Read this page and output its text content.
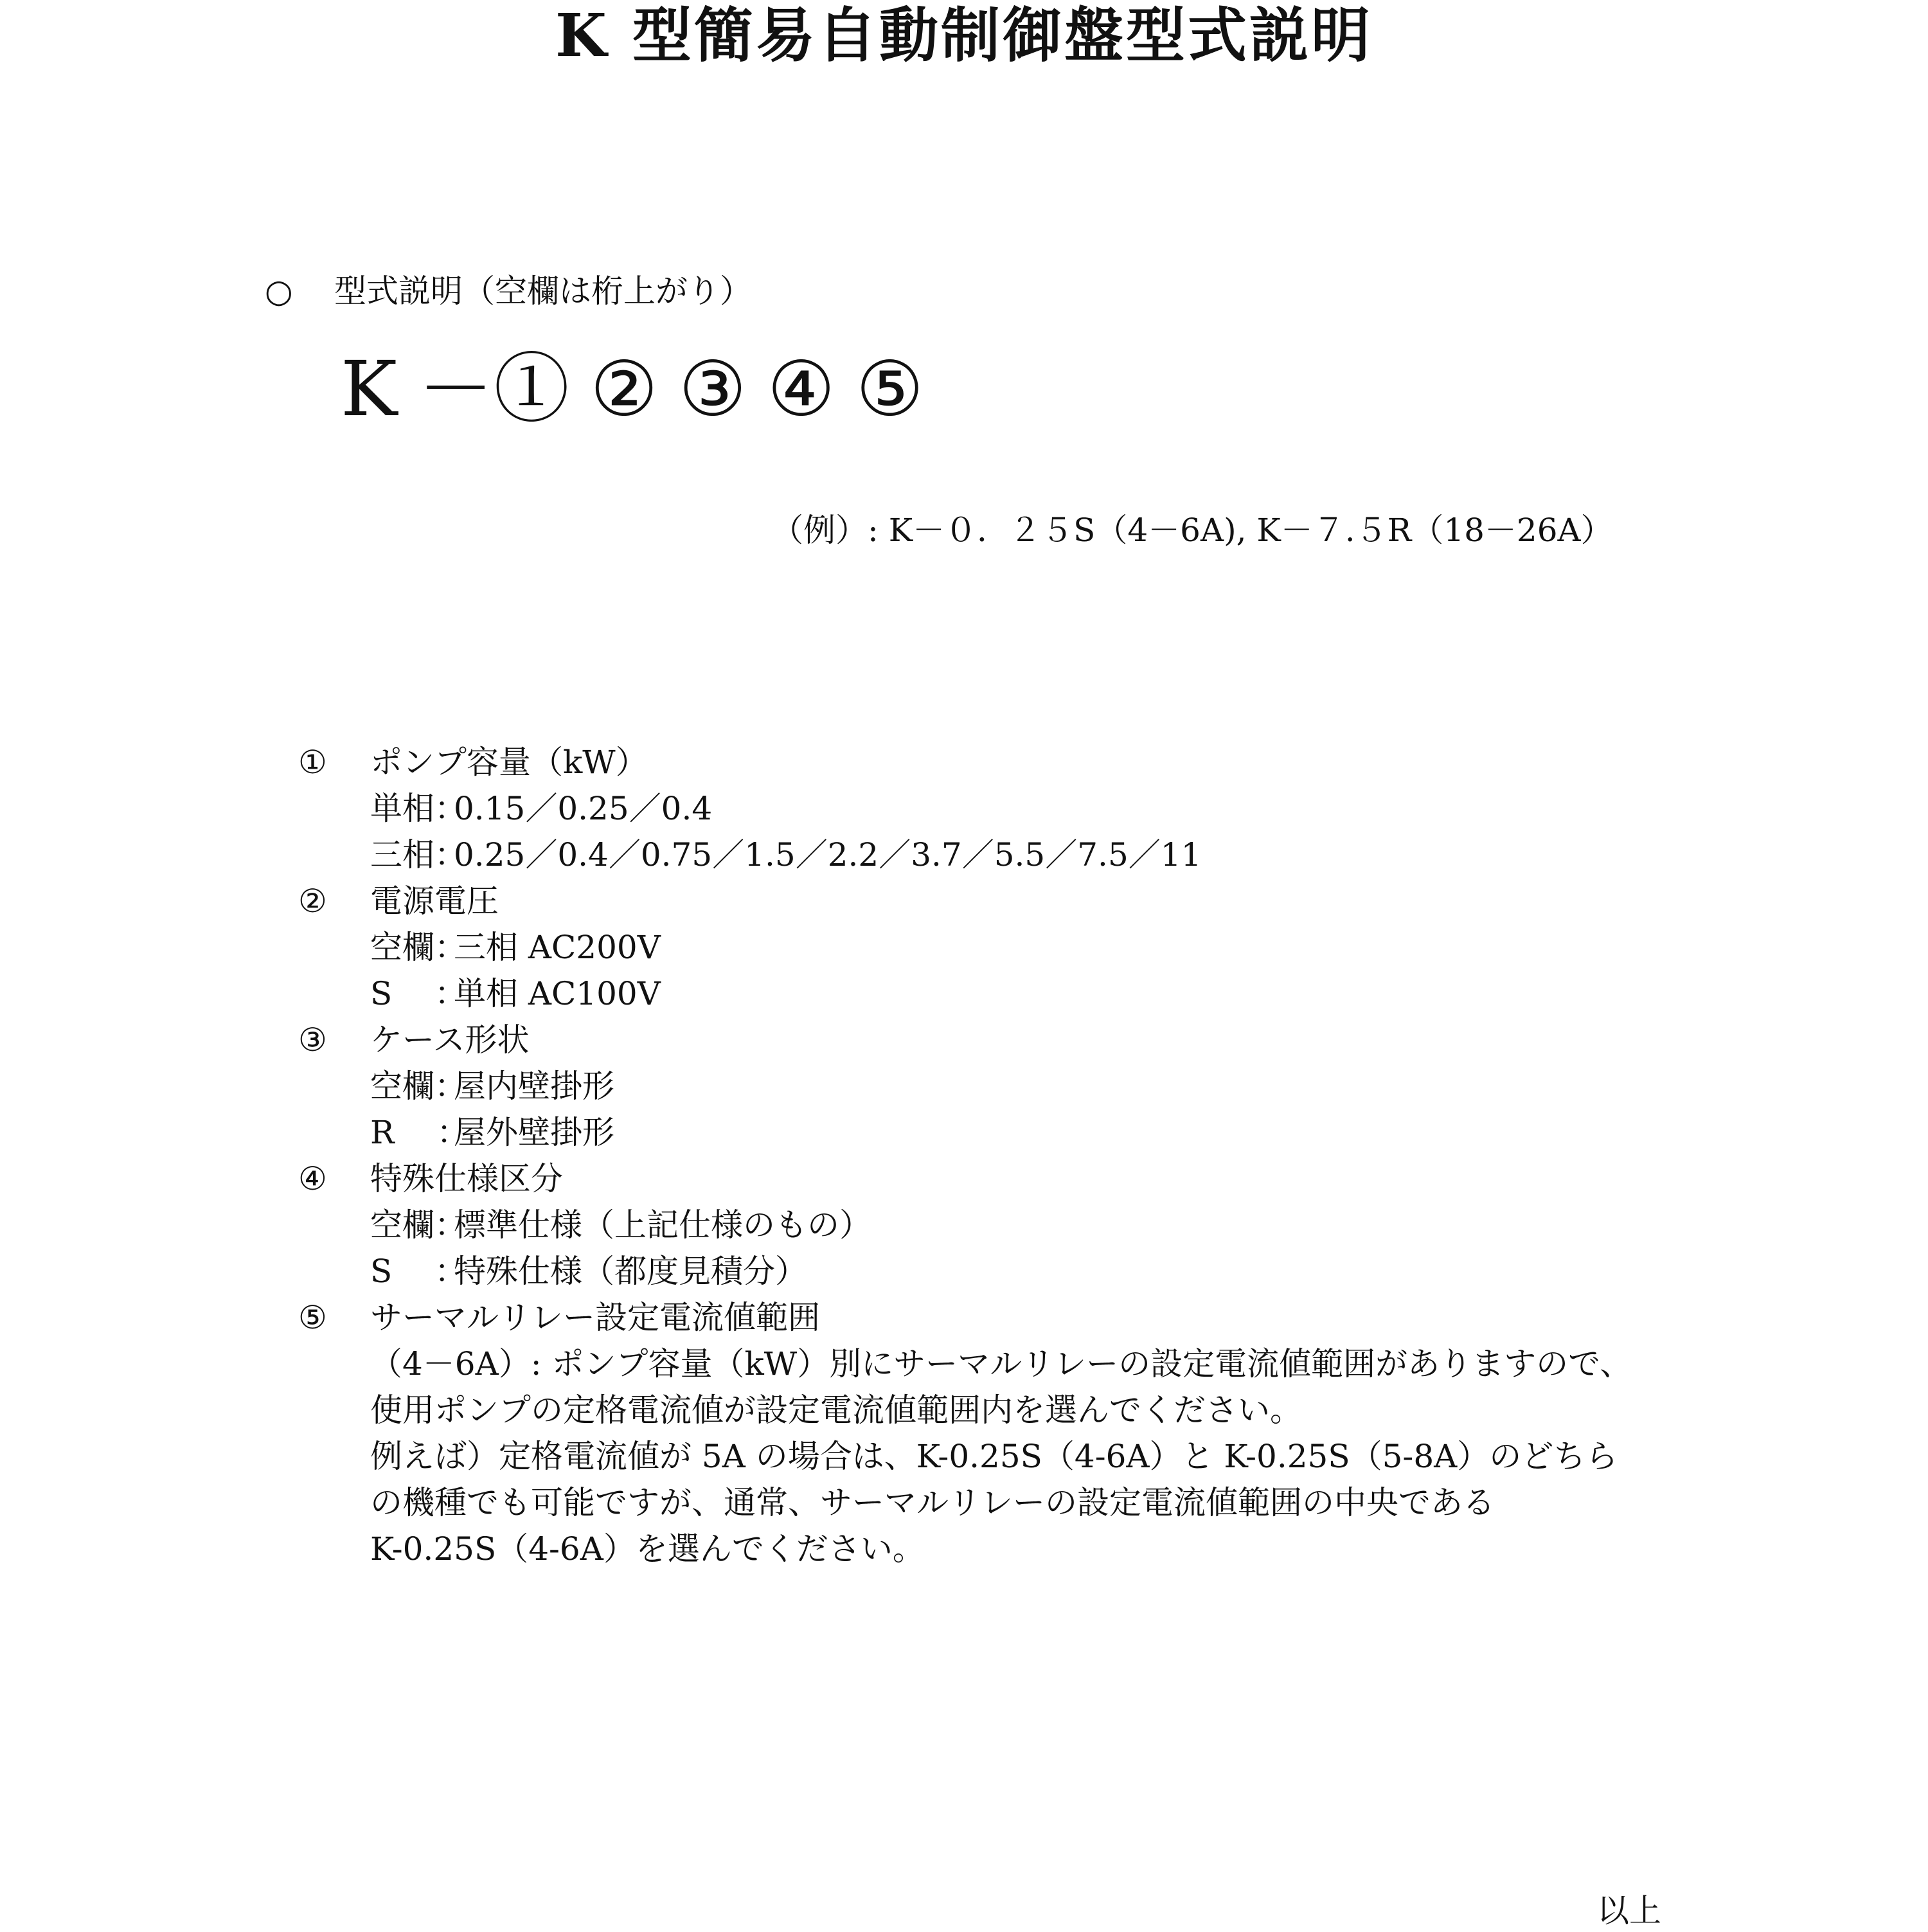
K 型簡易自動制御盤型式説明
○ 型式説明（空欄は桁上がり）
K －① ② ③ ④ ⑤
（例）: K－０．２５S（4－6A), K－７.５R（18－26A）
① ポンプ容量（kW）
単相：0.15／0.25／0.4
三相：0.25／0.4／0.75／1.5／2.2／3.7／5.5／7.5／11
② 電源電圧
空欄：三相 AC200V
S　 ：単相 AC100V
③ ケース形状
空欄：屋内壁掛形
R　 ：屋外壁掛形
④ 特殊仕様区分
空欄：標準仕様（上記仕様のもの）
S　 ：特殊仕様（都度見積分）
⑤ サーマルリレー設定電流値範囲
（4－6A）: ポンプ容量（kW）別にサーマルリレーの設定電流値範囲がありますので、
使用ポンプの定格電流値が設定電流値範囲内を選んでください。
例えば）定格電流値が 5A の場合は、K-0.25S（4-6A）と K-0.25S（5-8A）のどちら
の機種でも可能ですが、通常、サーマルリレーの設定電流値範囲の中央である
K-0.25S（4-6A）を選んでください。
以上
